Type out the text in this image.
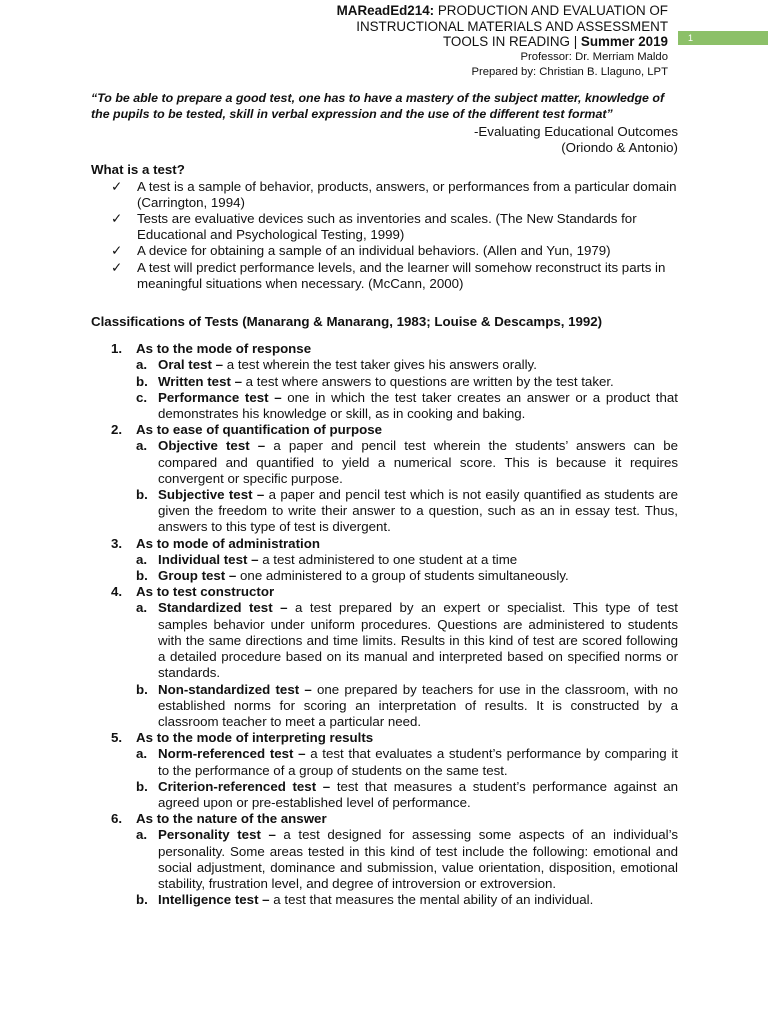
MAReadEd214: PRODUCTION AND EVALUATION OF
INSTRUCTIONAL MATERIALS AND ASSESSMENT
TOOLS IN READING | Summer 2019
Professor: Dr. Merriam Maldo
Prepared by: Christian B. Llaguno, LPT
1
“To be able to prepare a good test, one has to have a mastery of the subject matter, knowledge of the pupils to be tested, skill in verbal expression and the use of the different test format”
-Evaluating Educational Outcomes
(Oriondo & Antonio)
What is a test?
✓ A test is a sample of behavior, products, answers, or performances from a particular domain (Carrington, 1994)
✓ Tests are evaluative devices such as inventories and scales. (The New Standards for Educational and Psychological Testing, 1999)
✓ A device for obtaining a sample of an individual behaviors. (Allen and Yun, 1979)
✓ A test will predict performance levels, and the learner will somehow reconstruct its parts in meaningful situations when necessary. (McCann, 2000)
Classifications of Tests (Manarang & Manarang, 1983; Louise & Descamps, 1992)
1. As to the mode of response
a. Oral test – a test wherein the test taker gives his answers orally.
b. Written test – a test where answers to questions are written by the test taker.
c. Performance test – one in which the test taker creates an answer or a product that demonstrates his knowledge or skill, as in cooking and baking.
2. As to ease of quantification of purpose
a. Objective test – a paper and pencil test wherein the students’ answers can be compared and quantified to yield a numerical score. This is because it requires convergent or specific purpose.
b. Subjective test – a paper and pencil test which is not easily quantified as students are given the freedom to write their answer to a question, such as an in essay test. Thus, answers to this type of test is divergent.
3. As to mode of administration
a. Individual test – a test administered to one student at a time
b. Group test – one administered to a group of students simultaneously.
4. As to test constructor
a. Standardized test – a test prepared by an expert or specialist. This type of test samples behavior under uniform procedures. Questions are administered to students with the same directions and time limits. Results in this kind of test are scored following a detailed procedure based on its manual and interpreted based on specified norms or standards.
b. Non-standardized test – one prepared by teachers for use in the classroom, with no established norms for scoring an interpretation of results. It is constructed by a classroom teacher to meet a particular need.
5. As to the mode of interpreting results
a. Norm-referenced test – a test that evaluates a student’s performance by comparing it to the performance of a group of students on the same test.
b. Criterion-referenced test – test that measures a student’s performance against an agreed upon or pre-established level of performance.
6. As to the nature of the answer
a. Personality test – a test designed for assessing some aspects of an individual’s personality. Some areas tested in this kind of test include the following: emotional and social adjustment, dominance and submission, value orientation, disposition, emotional stability, frustration level, and degree of introversion or extroversion.
b. Intelligence test – a test that measures the mental ability of an individual.
